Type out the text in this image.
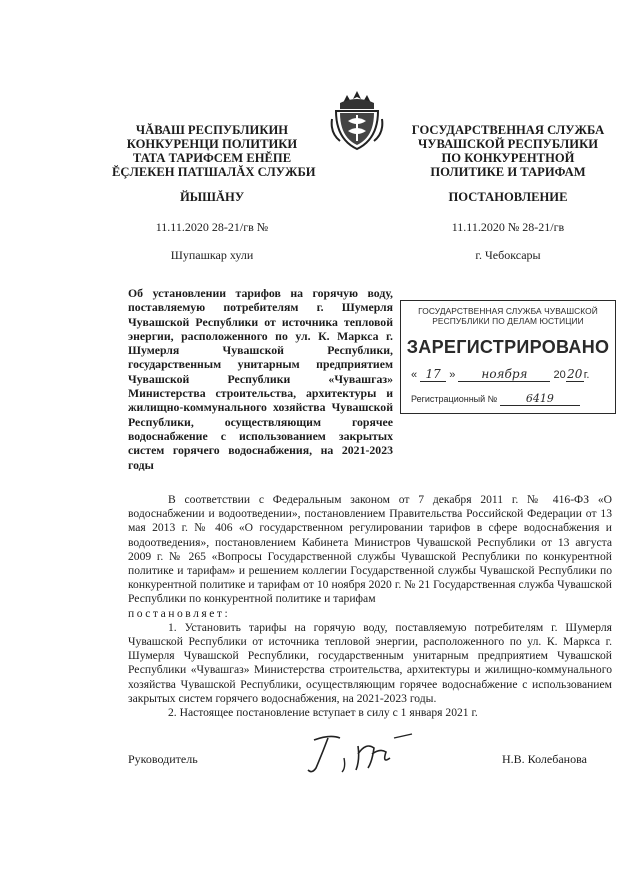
ЧĂВАШ РЕСПУБЛИКИН
КОНКУРЕНЦИ ПОЛИТИКИ
ТАТА ТАРИФСЕМ ЕНĔПЕ
ĔÇЛЕКЕН ПАТШАЛĂХ СЛУЖБИ
ГОСУДАРСТВЕННАЯ СЛУЖБА
ЧУВАШСКОЙ РЕСПУБЛИКИ
ПО КОНКУРЕНТНОЙ
ПОЛИТИКЕ И ТАРИФАМ
ЙЫШĂНУ	ПОСТАНОВЛЕНИЕ
11.11.2020 28-21/гв №	11.11.2020 № 28-21/гв
Шупашкар хули	г. Чебоксары
Об установлении тарифов на горячую воду, поставляемую потребителям г. Шумерля Чувашской Республики от источника тепловой энергии, расположенного по ул. К. Маркса г. Шумерля Чувашской Республики, государственным унитарным предприятием Чувашской Республики «Чувашгаз» Министерства строительства, архитектуры и жилищно-коммунального хозяйства Чувашской Республики, осуществляющим горячее водоснабжение с использованием закрытых систем горячего водоснабжения, на 2021-2023 годы
ГОСУДАРСТВЕННАЯ СЛУЖБА ЧУВАШСКОЙ
РЕСПУБЛИКИ ПО ДЕЛАМ ЮСТИЦИИ
ЗАРЕГИСТРИРОВАНО
« 17 » ноября 2020г.
Регистрационный №	6419

В соответствии с Федеральным законом от 7 декабря 2011 г. № 416-ФЗ «О водоснабжении и водоотведении», постановлением Правительства Российской Федерации от 13 мая 2013 г. № 406 «О государственном регулировании тарифов в сфере водоснабжения и водоотведения», постановлением Кабинета Министров Чувашской Республики от 13 августа 2009 г. № 265 «Вопросы Государственной службы Чувашской Республики по конкурентной политике и тарифам» и решением коллегии Государственной службы Чувашской Республики по конкурентной политике и тарифам от 10 ноября 2020 г. № 21 Государственная служба Чувашской Республики по конкурентной политике и тарифам

постановляет:

1. Установить тарифы на горячую воду, поставляемую потребителям г. Шумерля Чувашской Республики от источника тепловой энергии, расположенного по ул. К. Маркса г. Шумерля Чувашской Республики, государственным унитарным предприятием Чувашской Республики «Чувашгаз» Министерства строительства, архитектуры и жилищно-коммунального хозяйства Чувашской Республики, осуществляющим горячее водоснабжение с использованием закрытых систем горячего водоснабжения, на 2021-2023 годы.

2. Настоящее постановление вступает в силу с 1 января 2021 г.

Руководитель	Н.В. Колебанова
